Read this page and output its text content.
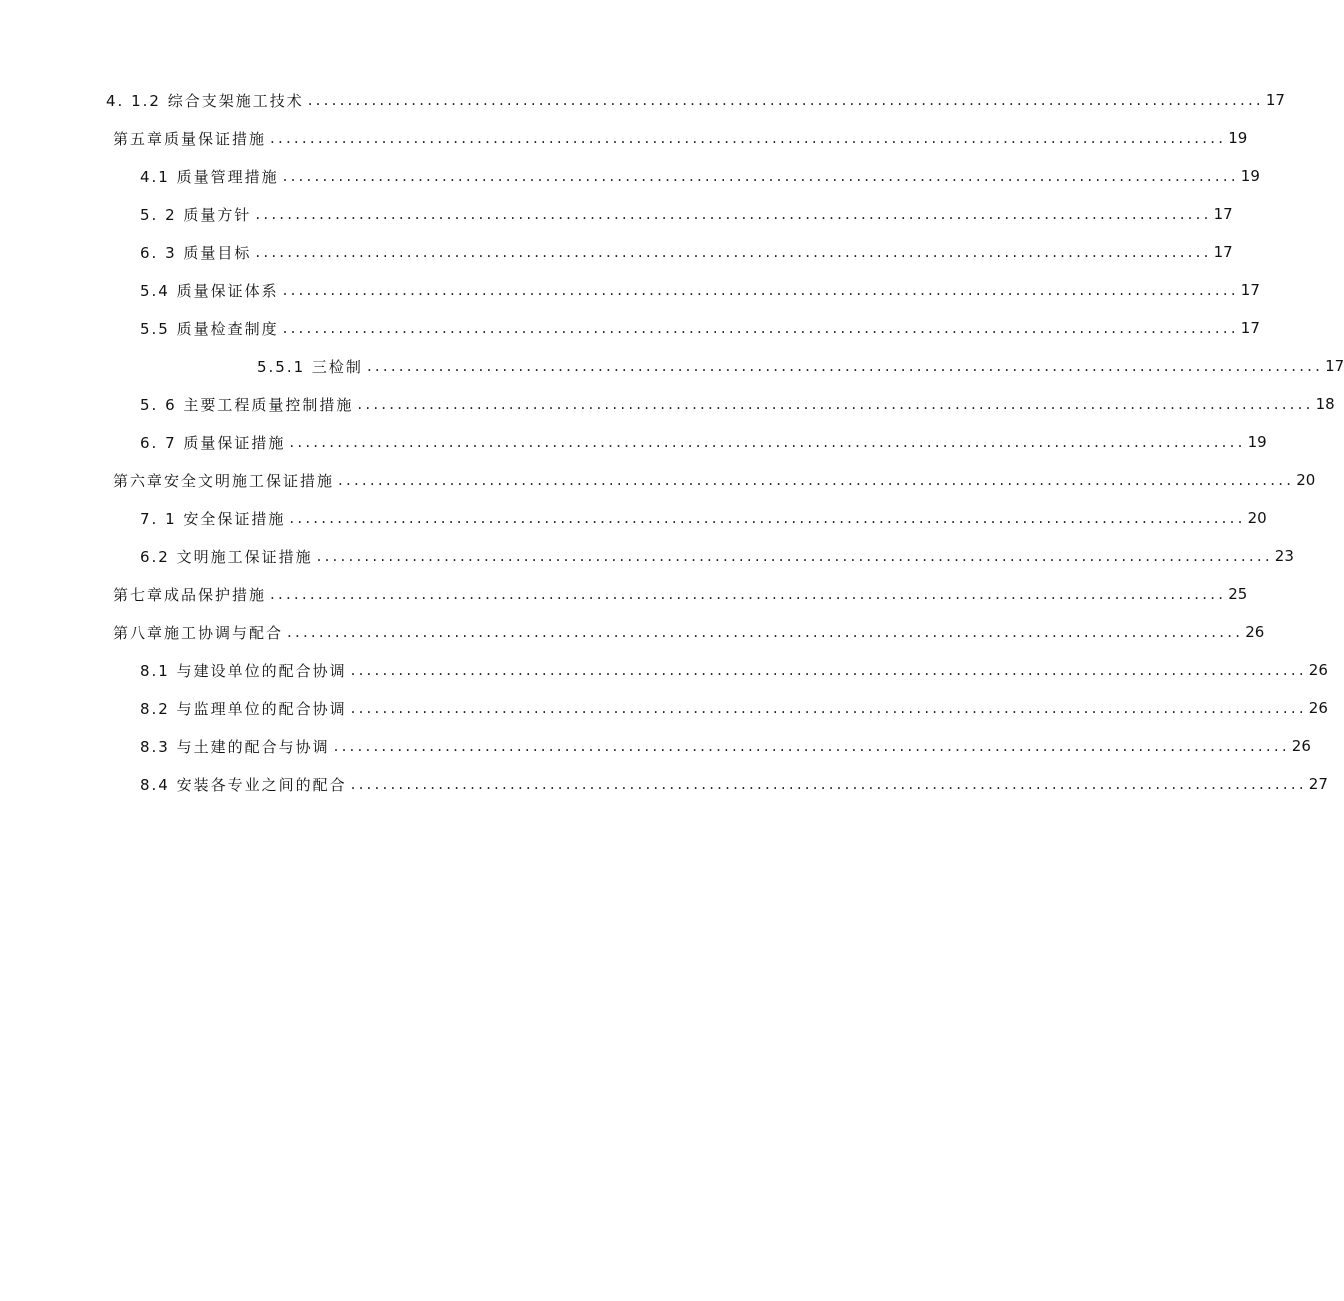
4. 1.2 综合支架施工技术 ........................................................................................................................ 17
第五章质量保证措施 ........................................................................................................................ 19
4.1 质量管理措施 ........................................................................................................................ 19
5. 2 质量方针 ........................................................................................................................ 17
6. 3 质量目标 ........................................................................................................................ 17
5.4 质量保证体系 ........................................................................................................................ 17
5.5 质量检查制度 ........................................................................................................................ 17
5.5.1 三检制 ........................................................................................................................ 17
5. 6 主要工程质量控制措施 ........................................................................................................................ 18
6. 7 质量保证措施 ........................................................................................................................ 19
第六章安全文明施工保证措施 ........................................................................................................................ 20
7. 1 安全保证措施 ........................................................................................................................ 20
6.2 文明施工保证措施 ........................................................................................................................ 23
第七章成品保护措施 ........................................................................................................................ 25
第八章施工协调与配合 ........................................................................................................................ 26
8.1 与建设单位的配合协调 ........................................................................................................................ 26
8.2 与监理单位的配合协调 ........................................................................................................................ 26
8.3 与土建的配合与协调 ........................................................................................................................ 26
8.4 安装各专业之间的配合 ........................................................................................................................ 27
